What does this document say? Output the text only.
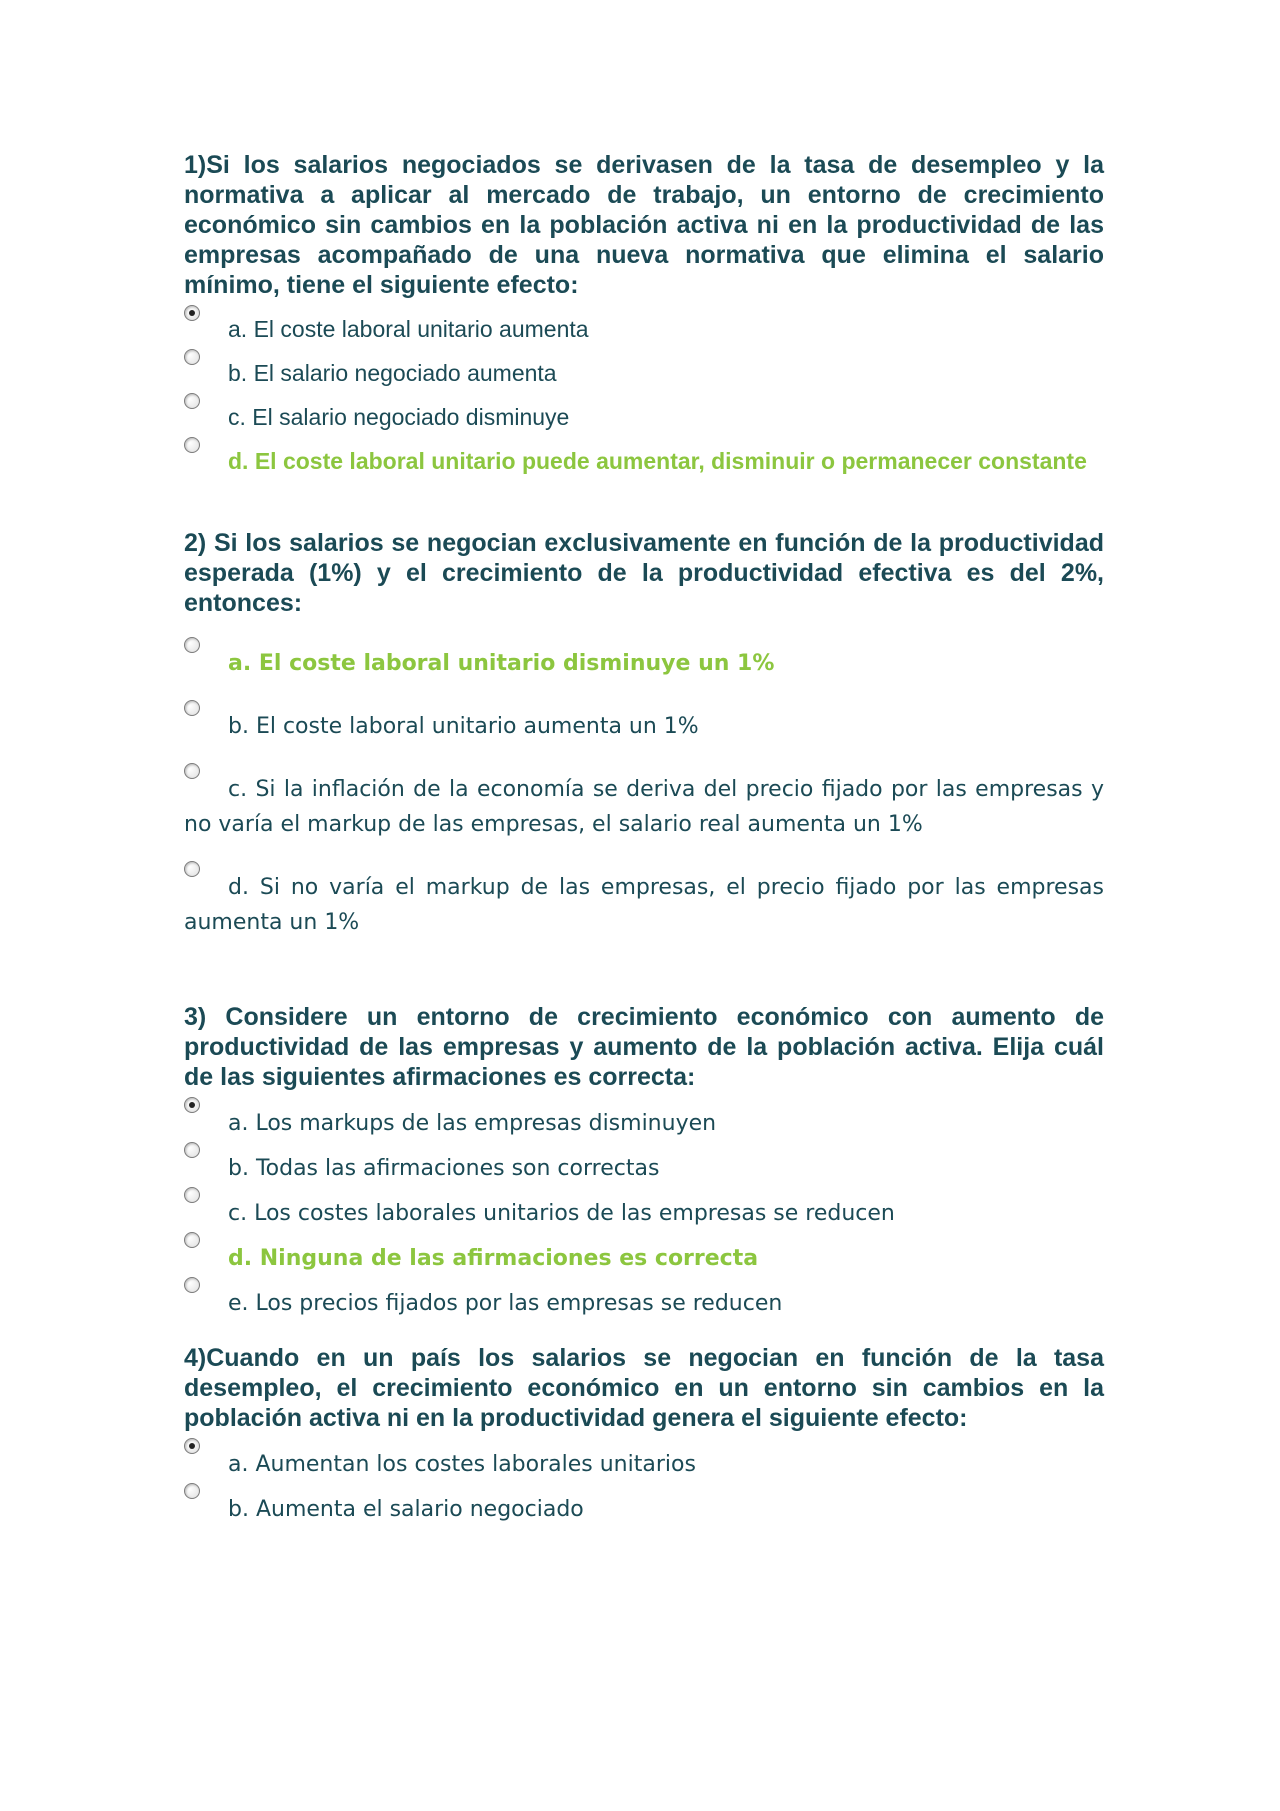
1)Si los salarios negociados se derivasen de la tasa de desempleo y la normativa a aplicar al mercado de trabajo, un entorno de crecimiento económico sin cambios en la población activa ni en la productividad de las empresas acompañado de una nueva normativa que elimina el salario mínimo, tiene el siguiente efecto:

a. El coste laboral unitario aumenta
b. El salario negociado aumenta
c. El salario negociado disminuye
d. El coste laboral unitario puede aumentar, disminuir o permanecer constante

2) Si los salarios se negocian exclusivamente en función de la productividad esperada (1%) y el crecimiento de la productividad efectiva es del 2%, entonces:

a. El coste laboral unitario disminuye un 1%
b. El coste laboral unitario aumenta un 1%
c. Si la inflación de la economía se deriva del precio fijado por las empresas y no varía el markup de las empresas, el salario real aumenta un 1%
d. Si no varía el markup de las empresas, el precio fijado por las empresas aumenta un 1%

3) Considere un entorno de crecimiento económico con aumento de productividad de las empresas y aumento de la población activa. Elija cuál de las siguientes afirmaciones es correcta:

a. Los markups de las empresas disminuyen
b. Todas las afirmaciones son correctas
c. Los costes laborales unitarios de las empresas se reducen
d. Ninguna de las afirmaciones es correcta
e. Los precios fijados por las empresas se reducen

4)Cuando en un país los salarios se negocian en función de la tasa desempleo, el crecimiento económico en un entorno sin cambios en la población activa ni en la productividad genera el siguiente efecto:

a. Aumentan los costes laborales unitarios
b. Aumenta el salario negociado
